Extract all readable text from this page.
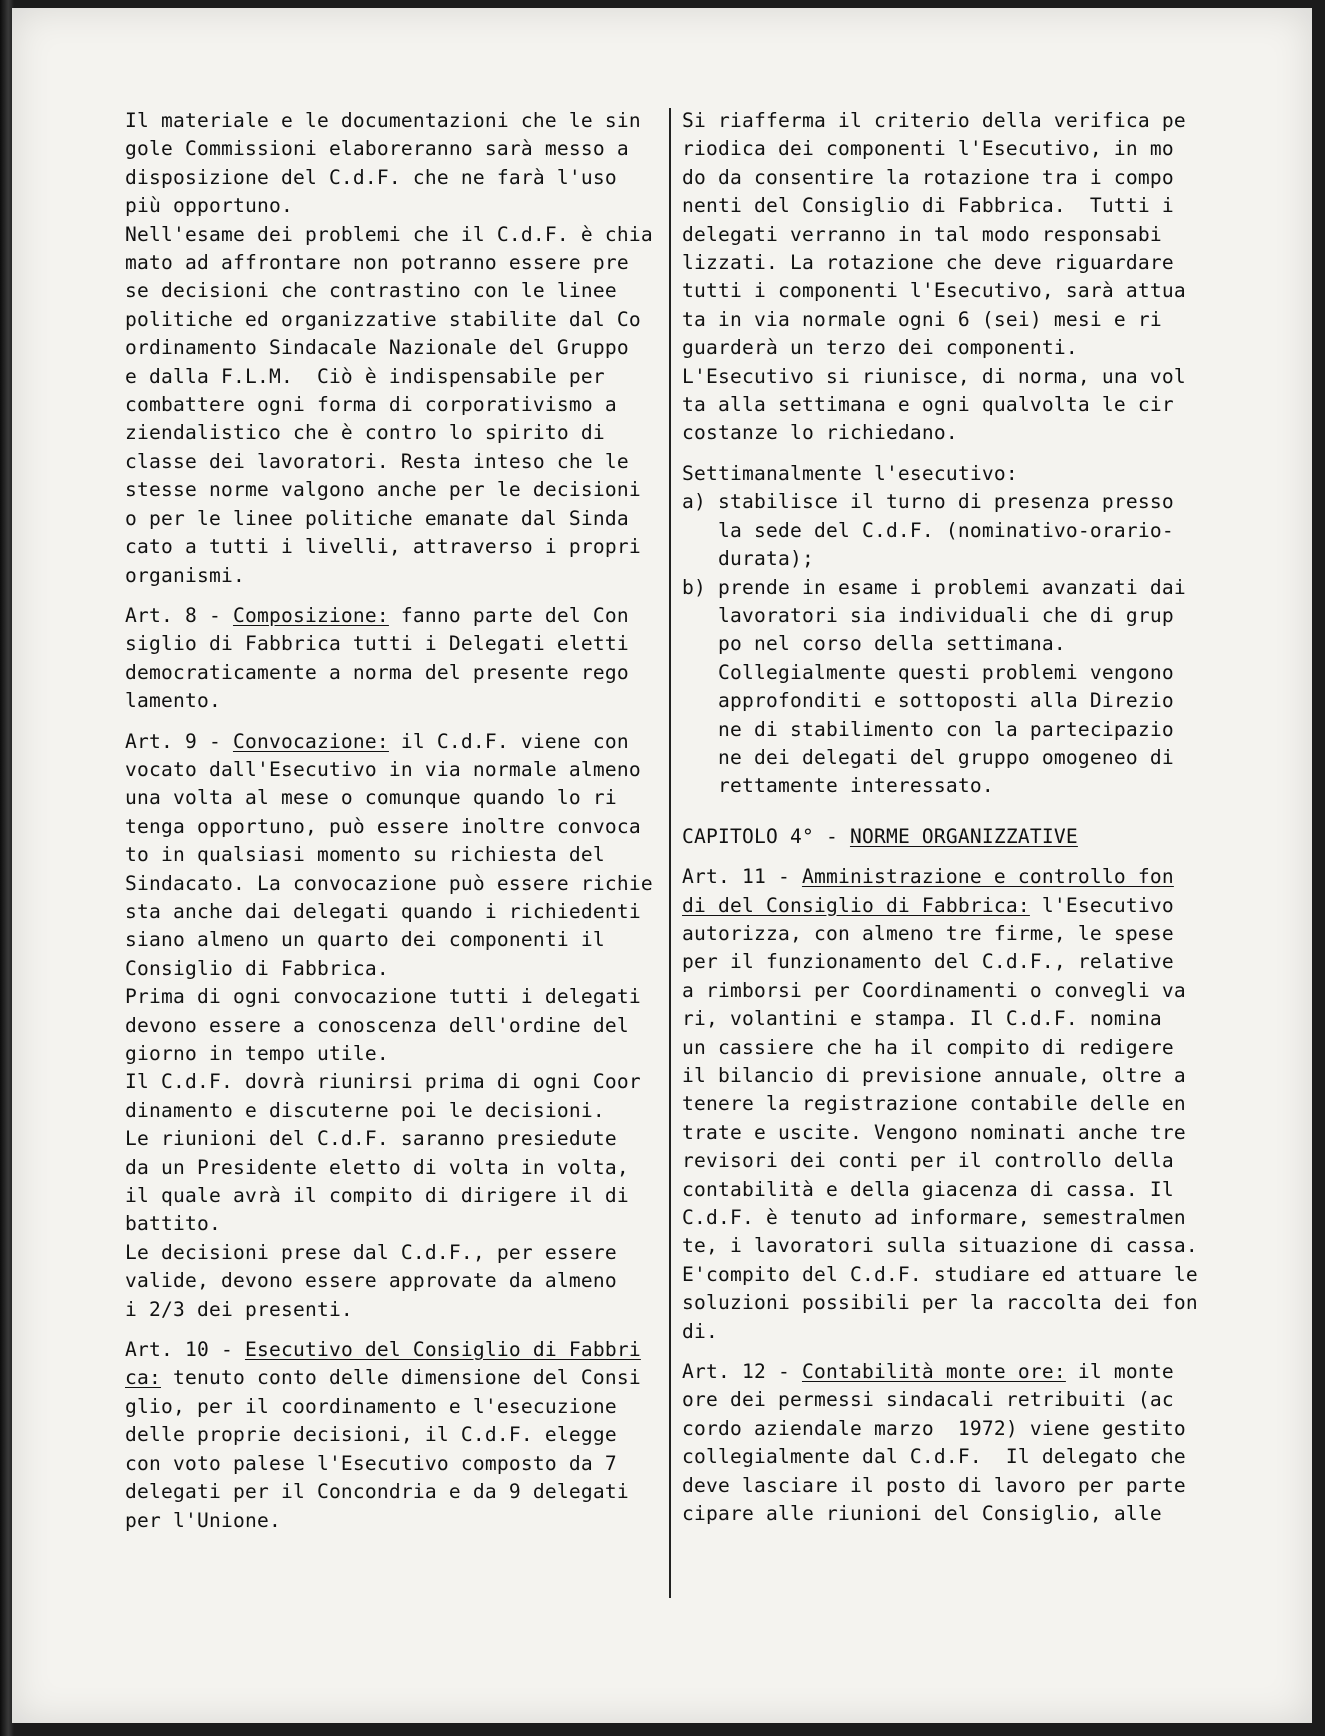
Il materiale e le documentazioni che le sin

gole Commissioni elaboreranno sarà messo a

disposizione del C.d.F. che ne farà l'uso

più opportuno.

Nell'esame dei problemi che il C.d.F. è chia

mato ad affrontare non potranno essere pre

se decisioni che contrastino con le linee

politiche ed organizzative stabilite dal Co

ordinamento Sindacale Nazionale del Gruppo

e dalla F.L.M.  Ciò è indispensabile per

combattere ogni forma di corporativismo a

ziendalistico che è contro lo spirito di

classe dei lavoratori. Resta inteso che le

stesse norme valgono anche per le decisioni

o per le linee politiche emanate dal Sinda

cato a tutti i livelli, attraverso i propri

organismi.

Art. 8 - Composizione: fanno parte del Con

siglio di Fabbrica tutti i Delegati eletti

democraticamente a norma del presente rego

lamento.

Art. 9 - Convocazione: il C.d.F. viene con

vocato dall'Esecutivo in via normale almeno

una volta al mese o comunque quando lo ri

tenga opportuno, può essere inoltre convoca

to in qualsiasi momento su richiesta del

Sindacato. La convocazione può essere richie

sta anche dai delegati quando i richiedenti

siano almeno un quarto dei componenti il

Consiglio di Fabbrica.

Prima di ogni convocazione tutti i delegati

devono essere a conoscenza dell'ordine del

giorno in tempo utile.

Il C.d.F. dovrà riunirsi prima di ogni Coor

dinamento e discuterne poi le decisioni.

Le riunioni del C.d.F. saranno presiedute

da un Presidente eletto di volta in volta,

il quale avrà il compito di dirigere il di

battito.

Le decisioni prese dal C.d.F., per essere

valide, devono essere approvate da almeno

i 2/3 dei presenti.

Art. 10 - Esecutivo del Consiglio di Fabbri

ca: tenuto conto delle dimensione del Consi

glio, per il coordinamento e l'esecuzione

delle proprie decisioni, il C.d.F. elegge

con voto palese l'Esecutivo composto da 7

delegati per il Concondria e da 9 delegati

per l'Unione.

Si riafferma il criterio della verifica pe

riodica dei componenti l'Esecutivo, in mo

do da consentire la rotazione tra i compo

nenti del Consiglio di Fabbrica.  Tutti i

delegati verranno in tal modo responsabi

lizzati. La rotazione che deve riguardare

tutti i componenti l'Esecutivo, sarà attua

ta in via normale ogni 6 (sei) mesi e ri

guarderà un terzo dei componenti.

L'Esecutivo si riunisce, di norma, una vol

ta alla settimana e ogni qualvolta le cir

costanze lo richiedano.

Settimanalmente l'esecutivo:

a) stabilisce il turno di presenza presso

la sede del C.d.F. (nominativo-orario-

durata);

b) prende in esame i problemi avanzati dai

lavoratori sia individuali che di grup

po nel corso della settimana.

Collegialmente questi problemi vengono

approfonditi e sottoposti alla Direzio

ne di stabilimento con la partecipazio

ne dei delegati del gruppo omogeneo di

rettamente interessato.

CAPITOLO 4° - NORME ORGANIZZATIVE

Art. 11 - Amministrazione e controllo fon

di del Consiglio di Fabbrica: l'Esecutivo

autorizza, con almeno tre firme, le spese

per il funzionamento del C.d.F., relative

a rimborsi per Coordinamenti o convegli va

ri, volantini e stampa. Il C.d.F. nomina

un cassiere che ha il compito di redigere

il bilancio di previsione annuale, oltre a

tenere la registrazione contabile delle en

trate e uscite. Vengono nominati anche tre

revisori dei conti per il controllo della

contabilità e della giacenza di cassa. Il

C.d.F. è tenuto ad informare, semestralmen

te, i lavoratori sulla situazione di cassa.

E'compito del C.d.F. studiare ed attuare le

soluzioni possibili per la raccolta dei fon

di.

Art. 12 - Contabilità monte ore: il monte

ore dei permessi sindacali retribuiti (ac

cordo aziendale marzo  1972) viene gestito

collegialmente dal C.d.F.  Il delegato che

deve lasciare il posto di lavoro per parte

cipare alle riunioni del Consiglio, alle
